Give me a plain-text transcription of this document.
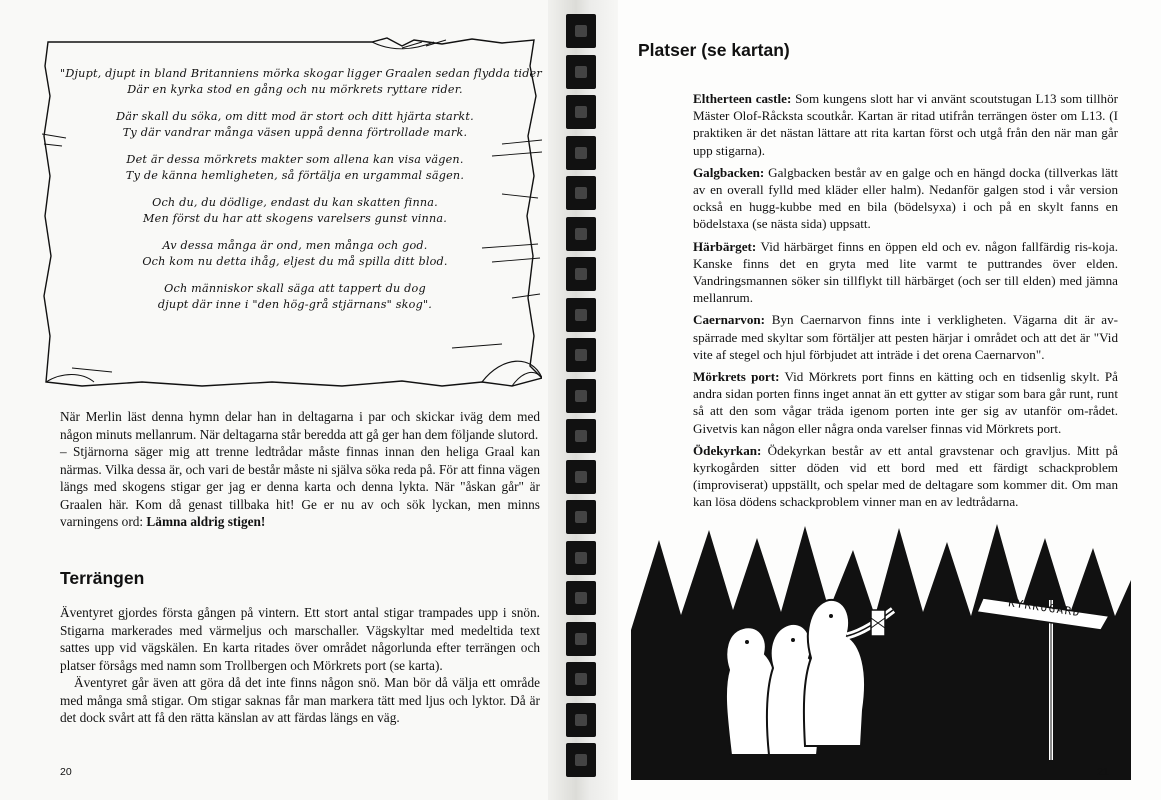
"Djupt, djupt in bland Britanniens mörka skogar ligger Graalen sedan flydda tider
Där en kyrka stod en gång och nu mörkrets ryttare rider.
Där skall du söka, om ditt mod är stort och ditt hjärta starkt.
Ty där vandrar många väsen uppå denna förtrollade mark.
Det är dessa mörkrets makter som allena kan visa vägen.
Ty de känna hemligheten, så förtälja en urgammal sägen.
Och du, du dödlige, endast du kan skatten finna.
Men först du har att skogens varelsers gunst vinna.
Av dessa många är ond, men många och god.
Och kom nu detta ihåg, eljest du må spilla ditt blod.
Och människor skall säga att tappert du dog
djupt där inne i "den hög-grå stjärnans" skog".

När Merlin läst denna hymn delar han in deltagarna i par och skickar iväg dem med någon minuts mellanrum. När deltagarna står beredda att gå ger han dem följande slutord.

– Stjärnorna säger mig att trenne ledtrådar måste finnas innan den heliga Graal kan närmas. Vilka dessa är, och vari de består måste ni själva söka reda på. För att finna vägen längs med skogens stigar ger jag er denna karta och denna lykta. När "åskan går" är Graalen här. Kom då genast tillbaka hit! Ge er nu av och sök lyckan, men minns varningens ord: Lämna aldrig stigen!

Terrängen

Äventyret gjordes första gången på vintern. Ett stort antal stigar trampades upp i snön. Stigarna markerades med värmeljus och marschaller. Vägskyltar med medeltida text sattes upp vid vägskälen. En karta ritades över området någorlunda efter terrängen och platser försågs med namn som Trollbergen och Mörkrets port (se karta).

Äventyret går även att göra då det inte finns någon snö. Man bör då välja ett område med många små stigar. Om stigar saknas får man markera tätt med ljus och lyktor. Då är det dock svårt att få den rätta känslan av att färdas längs en väg.

20
Platser (se kartan)

Eltherteen castle: Som kungens slott har vi använt scoutstugan L13 som tillhör Mäster Olof-Råcksta scoutkår. Kartan är ritad utifrån terrängen öster om L13. (I praktiken är det nästan lättare att rita kartan först och utgå från den när man går upp stigarna).

Galgbacken: Galgbacken består av en galge och en hängd docka (tillverkas lätt av en overall fylld med kläder eller halm). Nedanför galgen stod i vår version också en hugg-kubbe med en bila (bödelsyxa) i och på en skylt fanns en bödelstaxa (se nästa sida) uppsatt.

Härbärget: Vid härbärget finns en öppen eld och ev. någon fallfärdig ris-koja. Kanske finns det en gryta med lite varmt te puttrandes över elden. Vandringsmannen söker sin tillflykt till härbärget (och ser till elden) med jämna mellanrum.

Caernarvon: Byn Caernarvon finns inte i verkligheten. Vägarna dit är av-spärrade med skyltar som förtäljer att pesten härjar i området och att det är "Vid vite af stegel och hjul förbjudet att inträde i det orena Caernarvon".

Mörkrets port: Vid Mörkrets port finns en kätting och en tidsenlig skylt. På andra sidan porten finns inget annat än ett gytter av stigar som bara går runt, runt så att den som vågar träda igenom porten inte ger sig av utanför om-rådet. Givetvis kan någon eller några onda varelser finnas vid Mörkrets port.

Ödekyrkan: Ödekyrkan består av ett antal gravstenar och gravljus. Mitt på kyrkogården sitter döden vid ett bord med ett färdigt schackproblem (improviserat) uppställt, och spelar med de deltagare som kommer dit. Om man kan lösa dödens schackproblem vinner man en av ledtrådarna.

KYRKOGÅRD
21
